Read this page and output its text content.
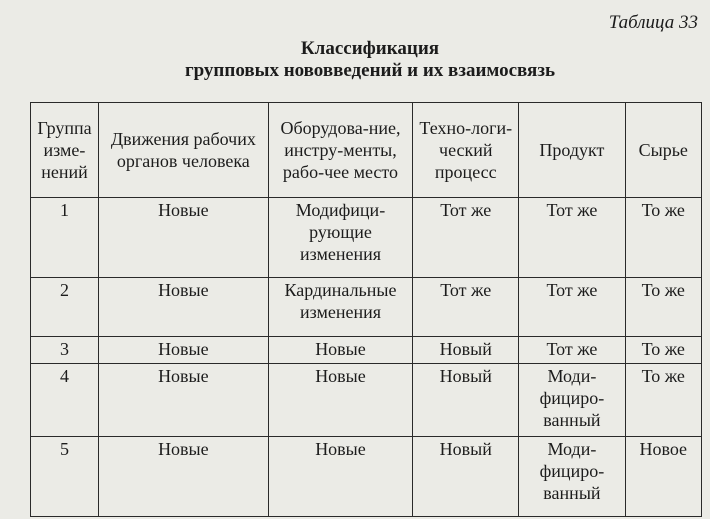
Таблица 33
Классификация
групповых нововведений и их взаимосвязь
Группа изме-нений	Движения рабочих органов человека	Оборудова-ние, инстру-менты, рабо-чее место	Техно-логи-ческий процесс	Продукт	Сырье
1	Новые	Модифици-рующие изменения	Тот же	Тот же	То же
2	Новые	Кардинальные изменения	Тот же	Тот же	То же
3	Новые	Новые	Новый	Тот же	То же
4	Новые	Новые	Новый	Моди-фициро-ванный	То же
5	Новые	Новые	Новый	Моди-фициро-ванный	Новое
